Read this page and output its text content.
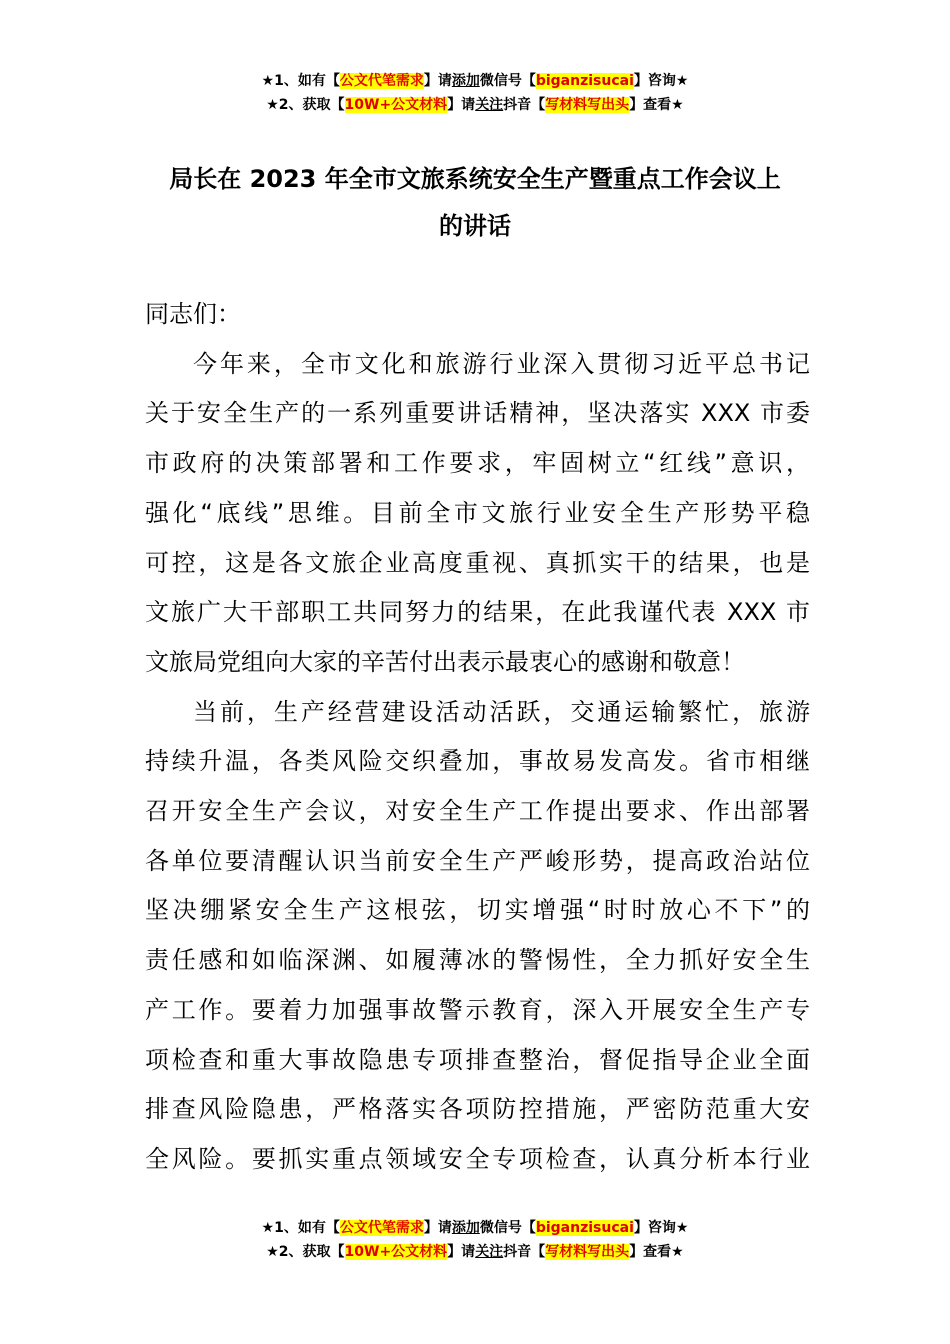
★1、如有【公文代笔需求】请添加微信号【biganzisucai】咨询★
★2、获取【10W+公文材料】请关注抖音【写材料写出头】查看★
局长在 2023 年全市文旅系统安全生产暨重点工作会议上
的讲话
同志们：
今年来，全市文化和旅游行业深入贯彻习近平总书记
关于安全生产的一系列重要讲话精神，坚决落实 XXX 市委
市政府的决策部署和工作要求，牢固树立“红线”意识，
强化“底线”思维。目前全市文旅行业安全生产形势平稳
可控，这是各文旅企业高度重视、真抓实干的结果，也是
文旅广大干部职工共同努力的结果，在此我谨代表 XXX 市
文旅局党组向大家的辛苦付出表示最衷心的感谢和敬意！
当前，生产经营建设活动活跃，交通运输繁忙，旅游
持续升温，各类风险交织叠加，事故易发高发。省市相继
召开安全生产会议，对安全生产工作提出要求、作出部署
各单位要清醒认识当前安全生产严峻形势，提高政治站位
坚决绷紧安全生产这根弦，切实增强“时时放心不下”的
责任感和如临深渊、如履薄冰的警惕性，全力抓好安全生
产工作。要着力加强事故警示教育，深入开展安全生产专
项检查和重大事故隐患专项排查整治，督促指导企业全面
排查风险隐患，严格落实各项防控措施，严密防范重大安
全风险。要抓实重点领域安全专项检查，认真分析本行业
★1、如有【公文代笔需求】请添加微信号【biganzisucai】咨询★
★2、获取【10W+公文材料】请关注抖音【写材料写出头】查看★
